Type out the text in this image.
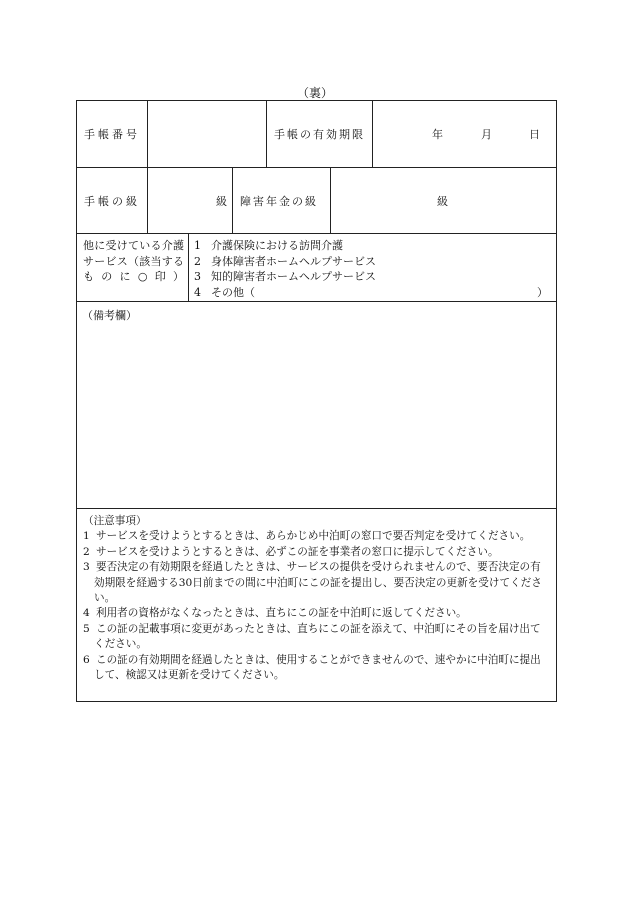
（裏）
手帳番号	手帳の有効期限	年	月	日
手帳の級	級	障害年金の級	級
他に受けている介護サービス（該当するものに○印）
1 介護保険における訪問介護
2 身体障害者ホームヘルプサービス
3 知的障害者ホームヘルプサービス
4 その他（	）
（備考欄）
（注意事項）
1 サービスを受けようとするときは、あらかじめ中泊町の窓口で要否判定を受けてください。
2 サービスを受けようとするときは、必ずこの証を事業者の窓口に提示してください。
3 要否決定の有効期限を経過したときは、サービスの提供を受けられませんので、要否決定の有効期限を経過する30日前までの間に中泊町にこの証を提出し、要否決定の更新を受けてください。
4 利用者の資格がなくなったときは、直ちにこの証を中泊町に返してください。
5 この証の記載事項に変更があったときは、直ちにこの証を添えて、中泊町にその旨を届け出てください。
6 この証の有効期間を経過したときは、使用することができませんので、速やかに中泊町に提出して、検認又は更新を受けてください。
